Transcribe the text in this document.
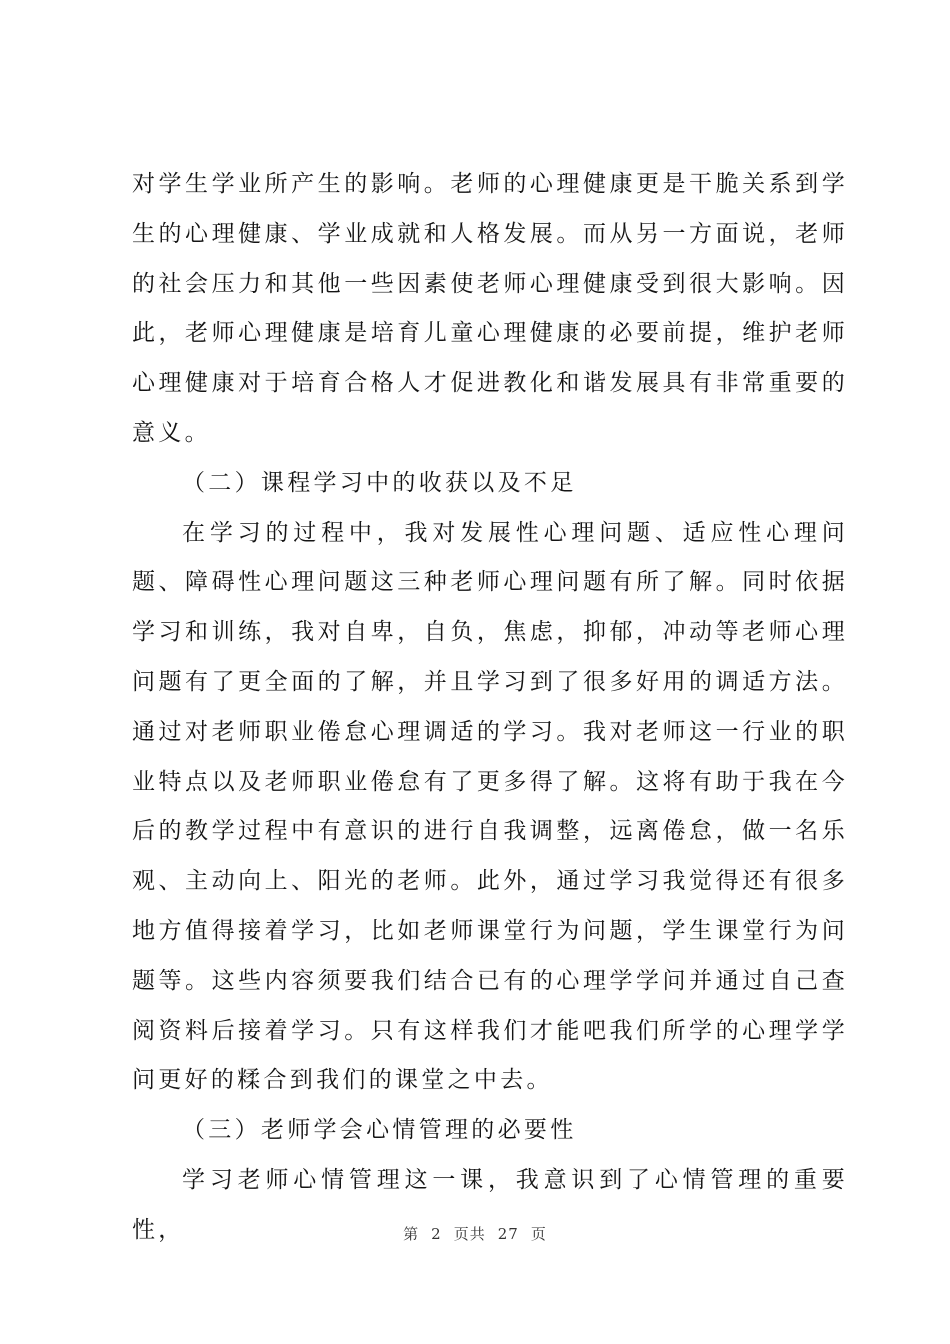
对学生学业所产生的影响。老师的心理健康更是干脆关系到学生的心理健康、学业成就和人格发展。而从另一方面说，老师的社会压力和其他一些因素使老师心理健康受到很大影响。因此，老师心理健康是培育儿童心理健康的必要前提，维护老师心理健康对于培育合格人才促进教化和谐发展具有非常重要的意义。

（二）课程学习中的收获以及不足

在学习的过程中，我对发展性心理问题、适应性心理问题、障碍性心理问题这三种老师心理问题有所了解。同时依据学习和训练，我对自卑，自负，焦虑，抑郁，冲动等老师心理问题有了更全面的了解，并且学习到了很多好用的调适方法。通过对老师职业倦怠心理调适的学习。我对老师这一行业的职业特点以及老师职业倦怠有了更多得了解。这将有助于我在今后的教学过程中有意识的进行自我调整，远离倦怠，做一名乐观、主动向上、阳光的老师。此外，通过学习我觉得还有很多地方值得接着学习，比如老师课堂行为问题，学生课堂行为问题等。这些内容须要我们结合已有的心理学学问并通过自己查阅资料后接着学习。只有这样我们才能吧我们所学的心理学学问更好的糅合到我们的课堂之中去。

（三）老师学会心情管理的必要性

学习老师心情管理这一课，我意识到了心情管理的重要性，	第 2 页共 27 页
